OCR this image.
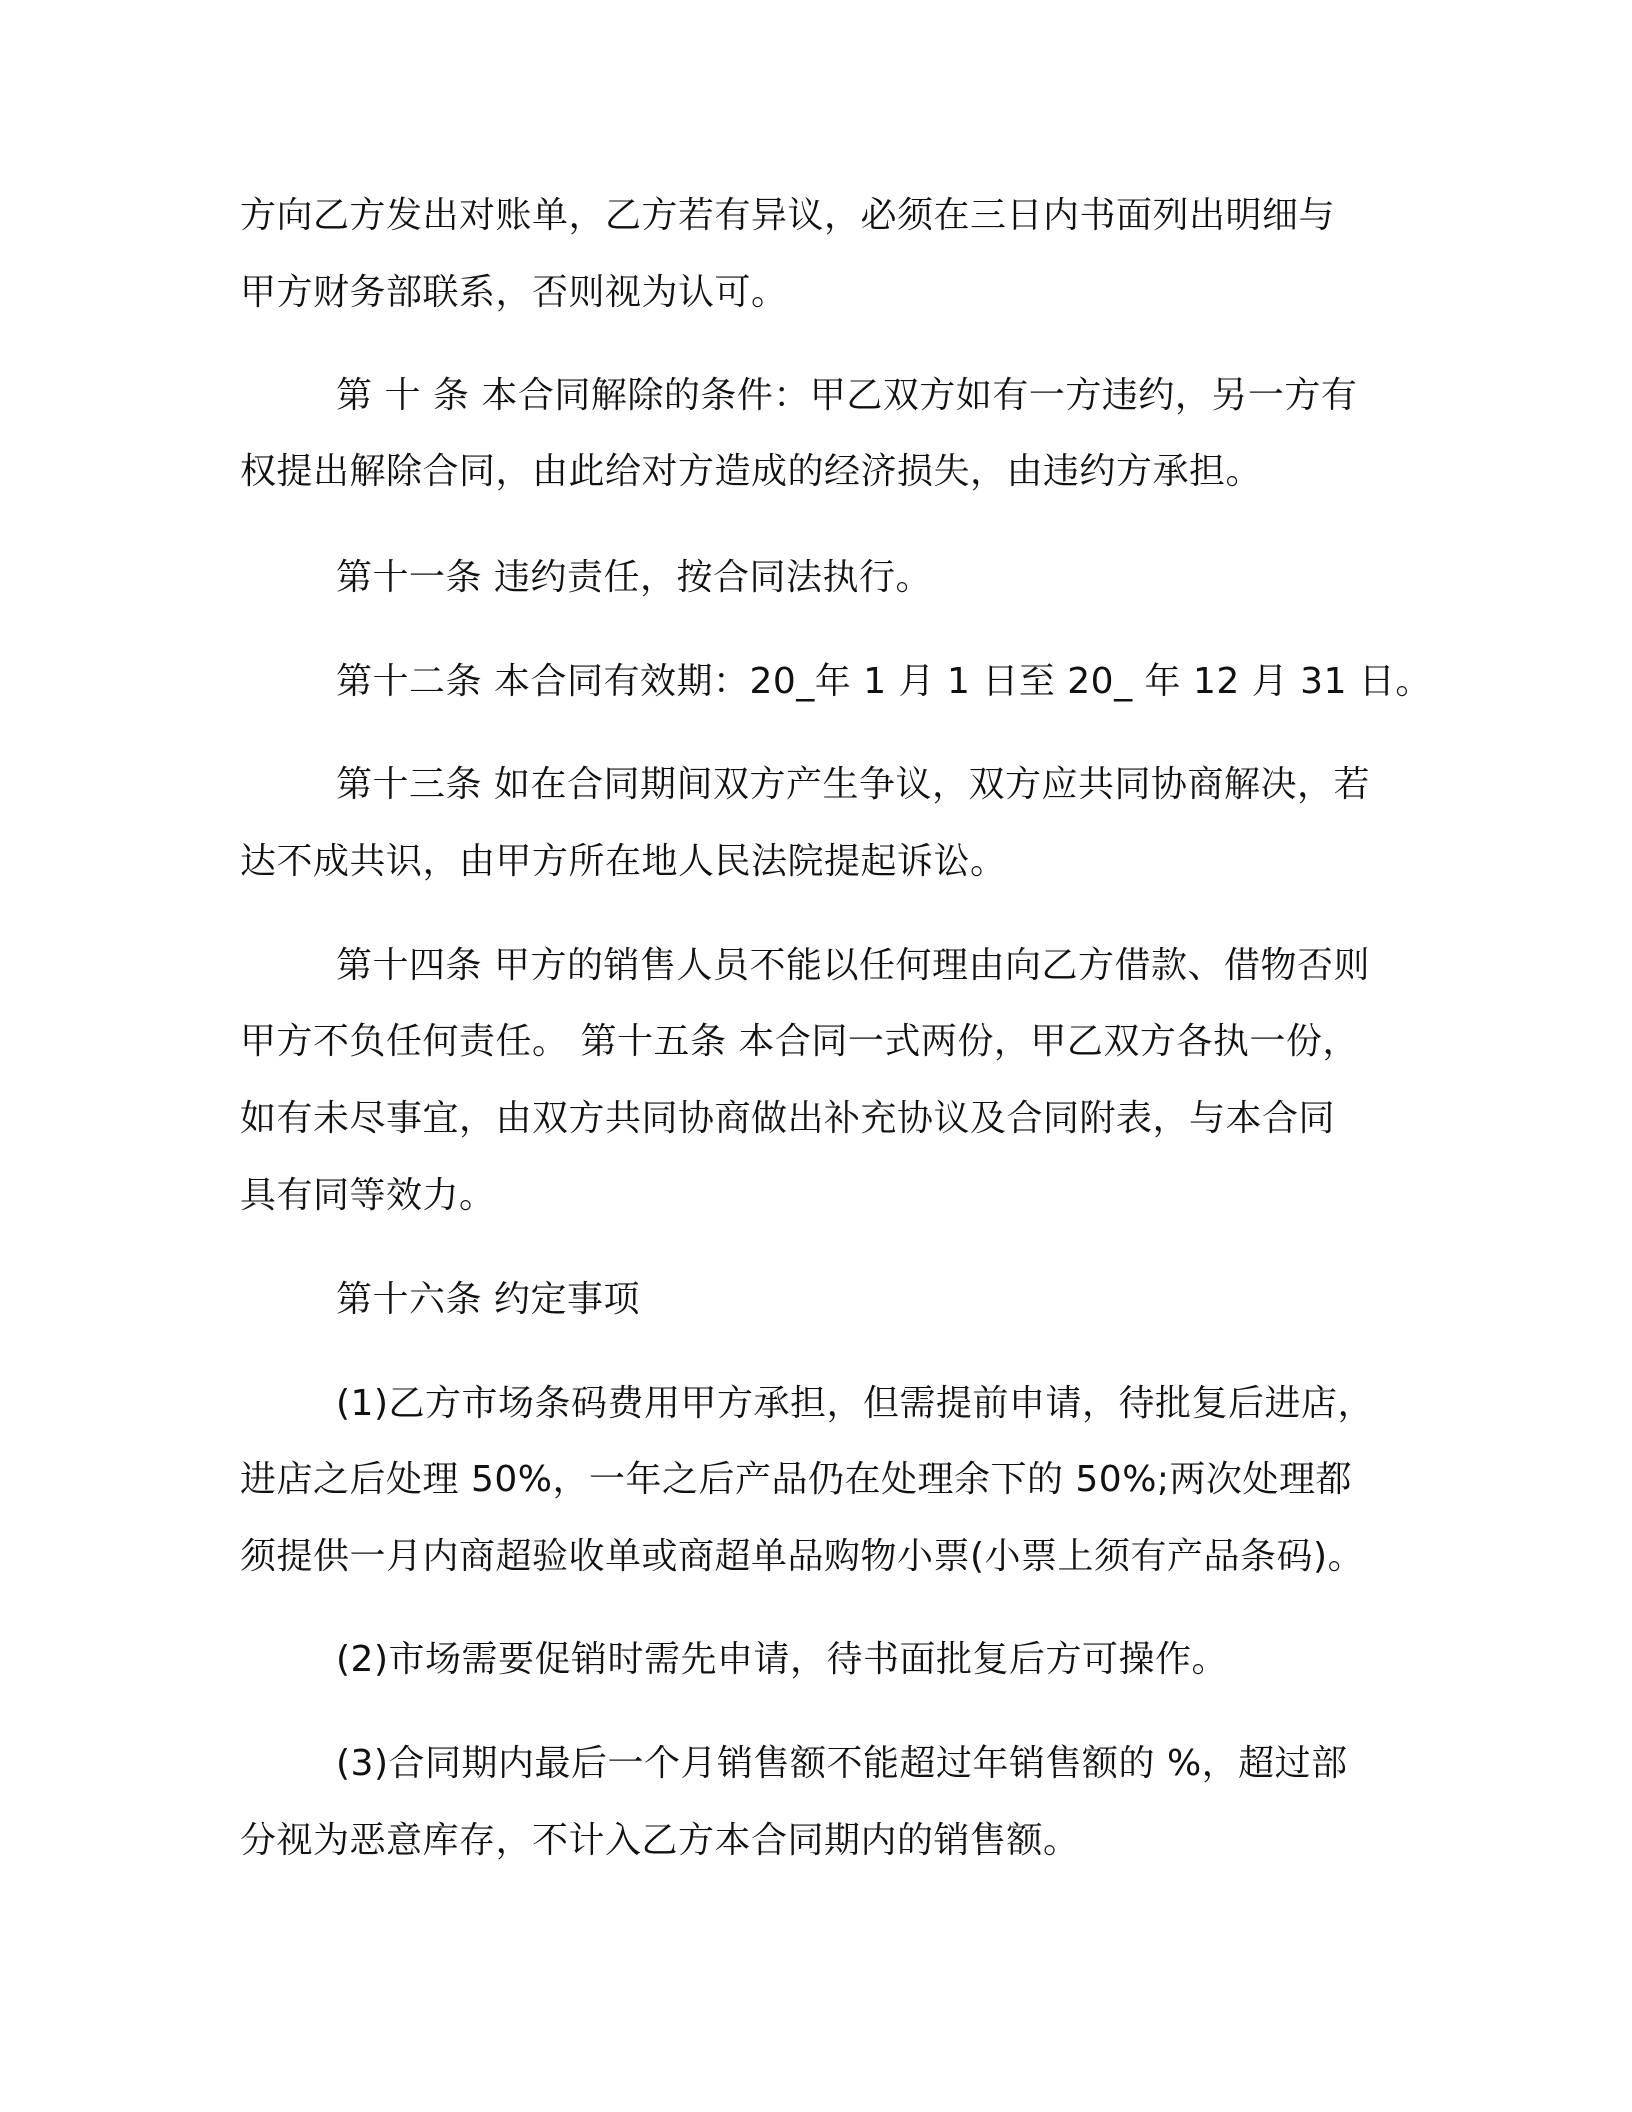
方向乙方发出对账单，乙方若有异议，必须在三日内书面列出明细与
甲方财务部联系，否则视为认可。
第 十 条 本合同解除的条件：甲乙双方如有一方违约，另一方有
权提出解除合同，由此给对方造成的经济损失，由违约方承担。
第十一条 违约责任，按合同法执行。
第十二条 本合同有效期：20_年 1 月 1 日至 20_ 年 12 月 31 日。
第十三条 如在合同期间双方产生争议，双方应共同协商解决，若
达不成共识，由甲方所在地人民法院提起诉讼。
第十四条 甲方的销售人员不能以任何理由向乙方借款、借物否则
甲方不负任何责任。 第十五条 本合同一式两份，甲乙双方各执一份，
如有未尽事宜，由双方共同协商做出补充协议及合同附表，与本合同
具有同等效力。
第十六条 约定事项
(1)乙方市场条码费用甲方承担，但需提前申请，待批复后进店，
进店之后处理 50%，一年之后产品仍在处理余下的 50%;两次处理都
须提供一月内商超验收单或商超单品购物小票(小票上须有产品条码)。
(2)市场需要促销时需先申请，待书面批复后方可操作。
(3)合同期内最后一个月销售额不能超过年销售额的 %，超过部
分视为恶意库存，不计入乙方本合同期内的销售额。
